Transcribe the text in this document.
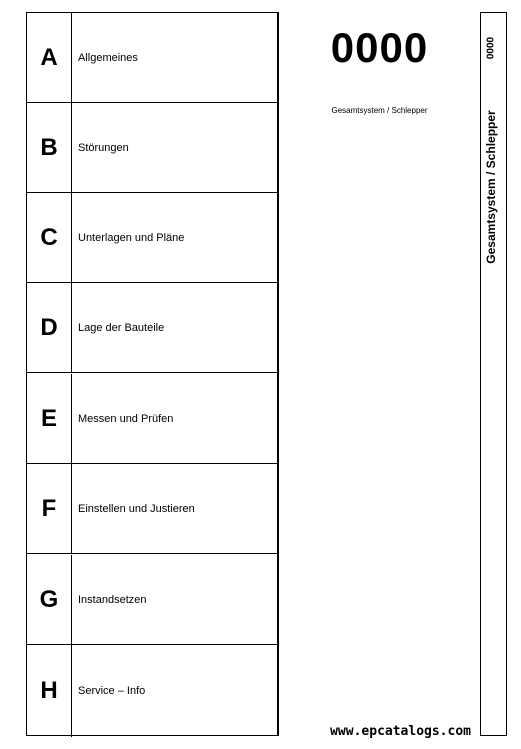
A	Allgemeines
B	Störungen
C	Unterlagen und Pläne
D	Lage der Bauteile
E	Messen und Prüfen
F	Einstellen und Justieren
G	Instandsetzen
H	Service – Info
0000
Gesamtsystem / Schlepper
0000
Gesamtsystem / Schlepper
www.epcatalogs.com
